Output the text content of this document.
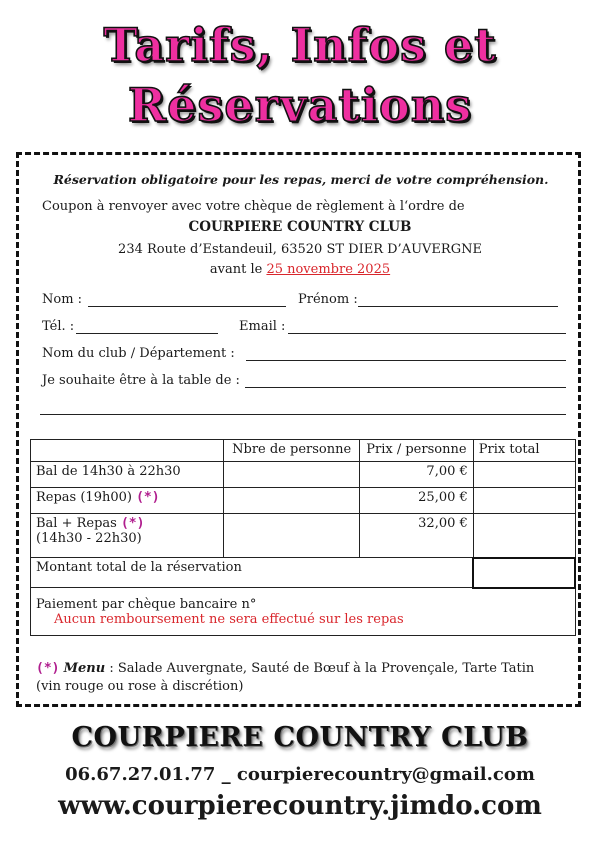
Tarifs, Infos et
Réservations
Réservation obligatoire pour les repas, merci de votre compréhension.
Coupon à renvoyer avec votre chèque de règlement à l‘ordre de
COURPIERE COUNTRY CLUB
234 Route d’Estandeuil, 63520 ST DIER D’AUVERGNE
avant le 25 novembre 2025
Nom :	Prénom :
Tél. :	Email :
Nom du club / Département :
Je souhaite être à la table de :
	Nbre de personne	Prix / personne	Prix total
Bal de 14h30 à 22h30		7,00 €	
Repas (19h00) (*)		25,00 €	
Bal + Repas (*)
(14h30 - 22h30)		32,00 €	
Montant total de la réservation			
Paiement par chèque bancaire n°
Aucun remboursement ne sera effectué sur les repas			
(*) Menu : Salade Auvergnate, Sauté de Bœuf à la Provençale, Tarte Tatin
(vin rouge ou rose à discrétion)
COURPIERE COUNTRY CLUB
06.67.27.01.77 _ courpierecountry@gmail.com
www.courpierecountry.jimdo.com
